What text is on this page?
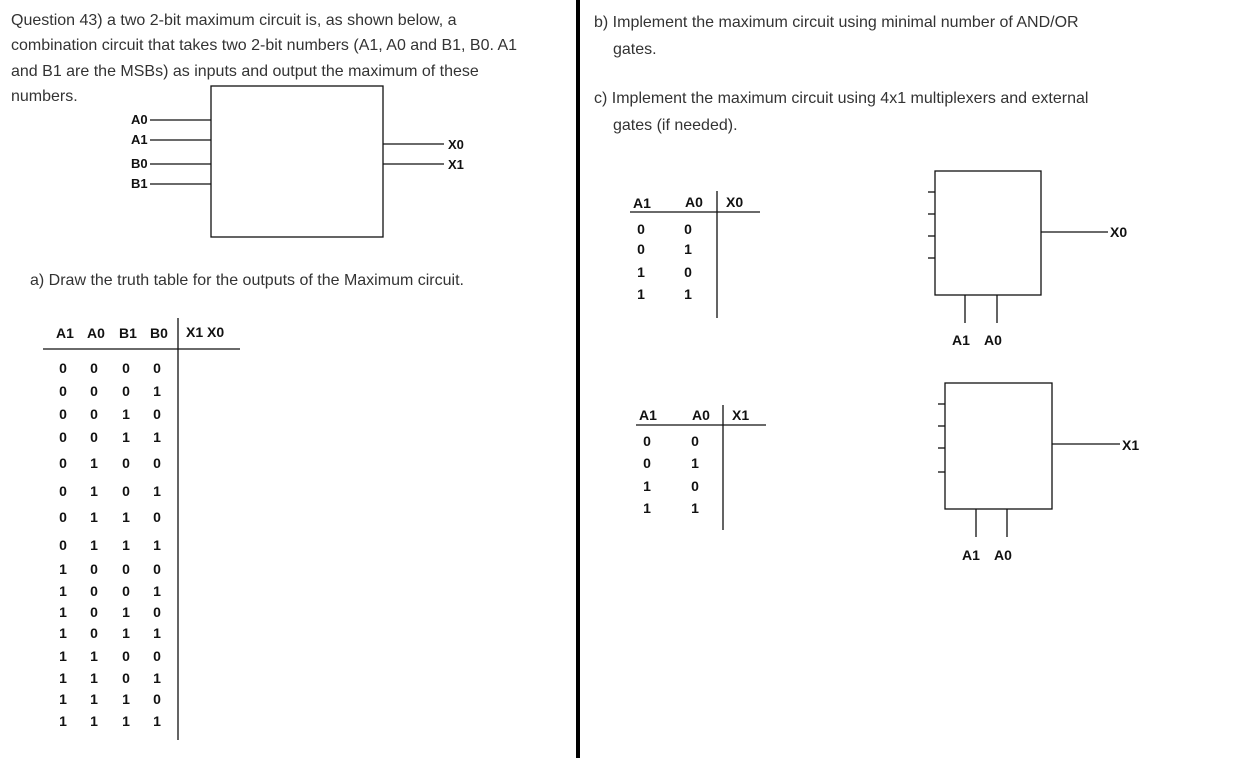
Question 43) a two 2-bit maximum circuit is, as shown below, a
combination circuit that takes two 2-bit numbers (A1, A0 and B1, B0. A1
and B1 are the MSBs) as inputs and output the maximum of these
numbers.
b) Implement the maximum circuit using minimal number of AND/OR
gates.
c) Implement the maximum circuit using 4x1 multiplexers and external
gates (if needed).
a) Draw the truth table for the outputs of the Maximum circuit.
A0
A1
B0
B1
X0
X1
A1 A0 B1 B0 X1 X0
0	0	0	0
0	0	0	1
0	0	1	0
0	0	1	1
0	1	0	0
0	1	0	1
0	1	1	0
0	1	1	1
1	0	0	0
1	0	0	1
1	0	1	0
1	0	1	1
1	1	0	0
1	1	0	1
1	1	1	0
1	1	1	1
A1 A0 X0
0	0
0	1
1	0
1	1
A1	A0 X1
0	0
0	1
1	0
1	1
X0
A1 A0
X1
A1 A0
